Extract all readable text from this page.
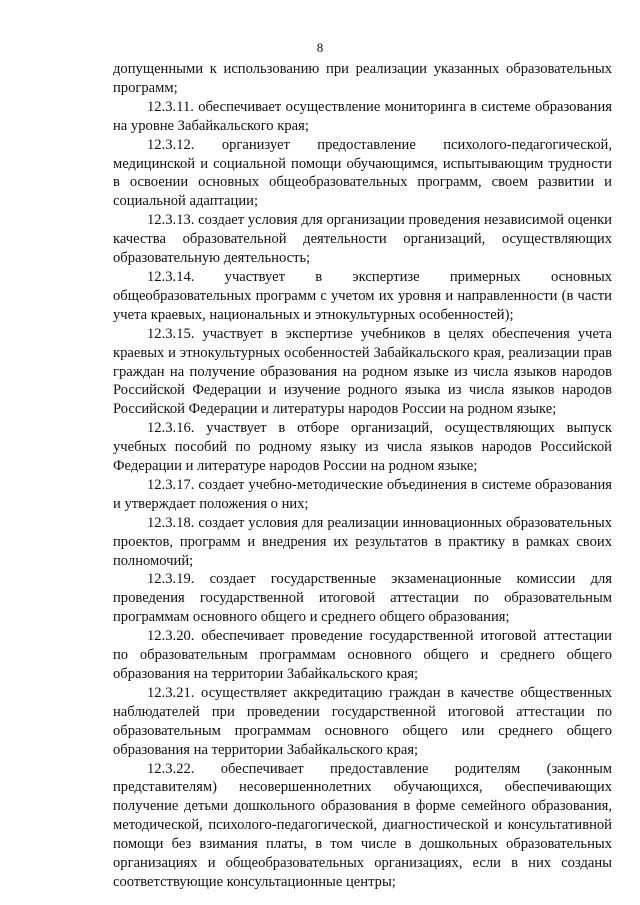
8

допущенными к использованию при реализации указанных образовательных программ;

12.3.11. обеспечивает осуществление мониторинга в системе образования на уровне Забайкальского края;

12.3.12. организует предоставление психолого-педагогической, медицинской и социальной помощи обучающимся, испытывающим трудности в освоении основных общеобразовательных программ, своем развитии и социальной адаптации;

12.3.13. создает условия для организации проведения независимой оценки качества образовательной деятельности организаций, осуществляющих образовательную деятельность;

12.3.14. участвует в экспертизе примерных основных общеобразовательных программ с учетом их уровня и направленности (в части учета краевых, национальных и этнокультурных особенностей);

12.3.15. участвует в экспертизе учебников в целях обеспечения учета краевых и этнокультурных особенностей Забайкальского края, реализации прав граждан на получение образования на родном языке из числа языков народов Российской Федерации и изучение родного языка из числа языков народов Российской Федерации и литературы народов России на родном языке;

12.3.16. участвует в отборе организаций, осуществляющих выпуск учебных пособий по родному языку из числа языков народов Российской Федерации и литературе народов России на родном языке;

12.3.17. создает учебно-методические объединения в системе образования и утверждает положения о них;

12.3.18. создает условия для реализации инновационных образовательных проектов, программ и внедрения их результатов в практику в рамках своих полномочий;

12.3.19. создает государственные экзаменационные комиссии для проведения государственной итоговой аттестации по образовательным программам основного общего и среднего общего образования;

12.3.20. обеспечивает проведение государственной итоговой аттестации по образовательным программам основного общего и среднего общего образования на территории Забайкальского края;

12.3.21. осуществляет аккредитацию граждан в качестве общественных наблюдателей при проведении государственной итоговой аттестации по образовательным программам основного общего или среднего общего образования на территории Забайкальского края;

12.3.22. обеспечивает предоставление родителям (законным представителям) несовершеннолетних обучающихся, обеспечивающих получение детьми дошкольного образования в форме семейного образования, методической, психолого-педагогической, диагностической и консультативной помощи без взимания платы, в том числе в дошкольных образовательных организациях и общеобразовательных организациях, если в них созданы соответствующие консультационные центры;
